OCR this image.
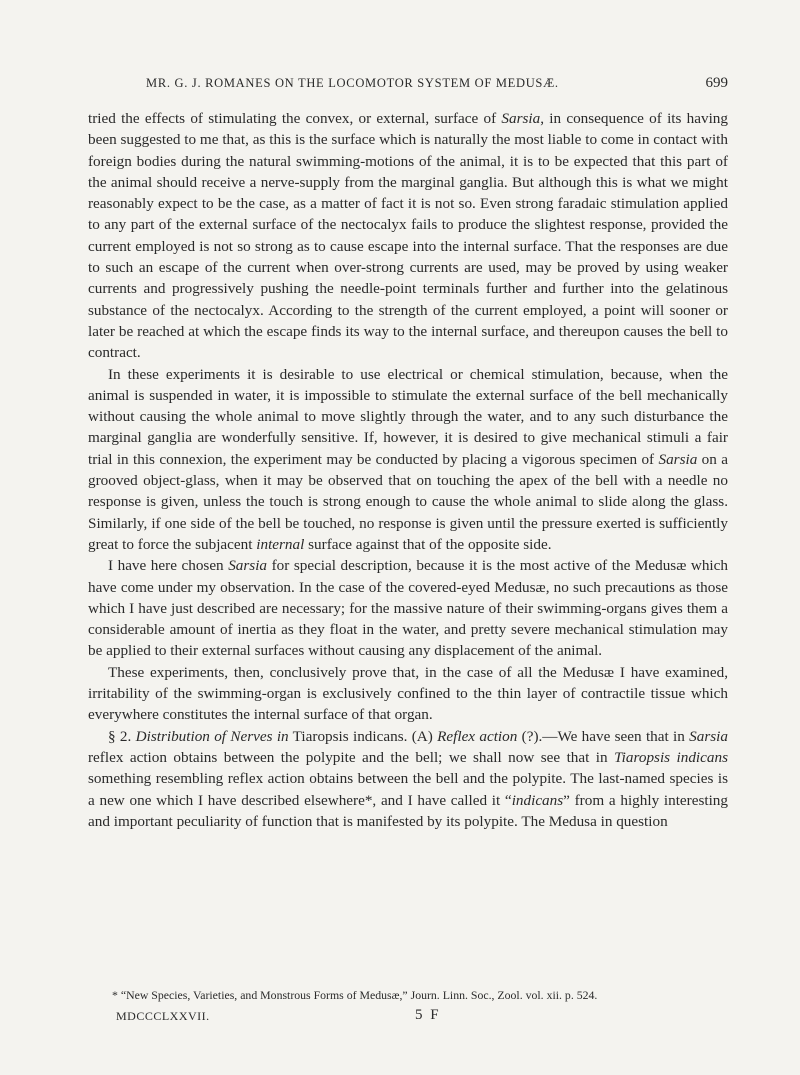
MR. G. J. ROMANES ON THE LOCOMOTOR SYSTEM OF MEDUSÆ.	699

tried the effects of stimulating the convex, or external, surface of Sarsia, in consequence of its having been suggested to me that, as this is the surface which is naturally the most liable to come in contact with foreign bodies during the natural swimming-motions of the animal, it is to be expected that this part of the animal should receive a nerve-supply from the marginal ganglia. But although this is what we might reasonably expect to be the case, as a matter of fact it is not so. Even strong faradaic stimulation applied to any part of the external surface of the nectocalyx fails to produce the slightest response, provided the current employed is not so strong as to cause escape into the internal surface. That the responses are due to such an escape of the current when over-strong currents are used, may be proved by using weaker currents and progressively pushing the needle-point terminals further and further into the gelatinous substance of the nectocalyx. According to the strength of the current employed, a point will sooner or later be reached at which the escape finds its way to the internal surface, and thereupon causes the bell to contract.

In these experiments it is desirable to use electrical or chemical stimulation, because, when the animal is suspended in water, it is impossible to stimulate the external surface of the bell mechanically without causing the whole animal to move slightly through the water, and to any such disturbance the marginal ganglia are wonderfully sensitive. If, however, it is desired to give mechanical stimuli a fair trial in this connexion, the experiment may be conducted by placing a vigorous specimen of Sarsia on a grooved object-glass, when it may be observed that on touching the apex of the bell with a needle no response is given, unless the touch is strong enough to cause the whole animal to slide along the glass. Similarly, if one side of the bell be touched, no response is given until the pressure exerted is sufficiently great to force the subjacent internal surface against that of the opposite side.

I have here chosen Sarsia for special description, because it is the most active of the Medusæ which have come under my observation. In the case of the covered-eyed Medusæ, no such precautions as those which I have just described are necessary; for the massive nature of their swimming-organs gives them a considerable amount of inertia as they float in the water, and pretty severe mechanical stimulation may be applied to their external surfaces without causing any displacement of the animal.

These experiments, then, conclusively prove that, in the case of all the Medusæ I have examined, irritability of the swimming-organ is exclusively confined to the thin layer of contractile tissue which everywhere constitutes the internal surface of that organ.

§ 2. Distribution of Nerves in Tiaropsis indicans. (A) Reflex action (?).—We have seen that in Sarsia reflex action obtains between the polypite and the bell; we shall now see that in Tiaropsis indicans something resembling reflex action obtains between the bell and the polypite. The last-named species is a new one which I have described elsewhere*, and I have called it “indicans” from a highly interesting and important peculiarity of function that is manifested by its polypite. The Medusa in question

* “New Species, Varieties, and Monstrous Forms of Medusæ,” Journ. Linn. Soc., Zool. vol. xii. p. 524.
MDCCCLXXVII.	5 F
